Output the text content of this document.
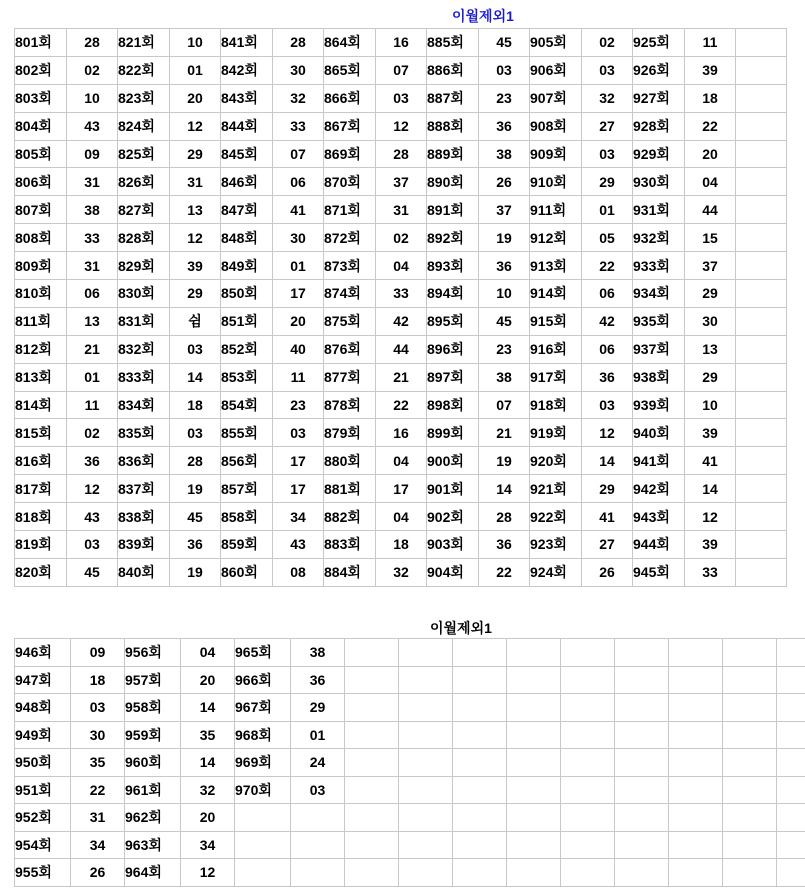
이월제외1
801회	28	821회	10	841회	28	864회	16	885회	45	905회	02	925회	11	
802회	02	822회	01	842회	30	865회	07	886회	03	906회	03	926회	39	
803회	10	823회	20	843회	32	866회	03	887회	23	907회	32	927회	18	
804회	43	824회	12	844회	33	867회	12	888회	36	908회	27	928회	22	
805회	09	825회	29	845회	07	869회	28	889회	38	909회	03	929회	20	
806회	31	826회	31	846회	06	870회	37	890회	26	910회	29	930회	04	
807회	38	827회	13	847회	41	871회	31	891회	37	911회	01	931회	44	
808회	33	828회	12	848회	30	872회	02	892회	19	912회	05	932회	15	
809회	31	829회	39	849회	01	873회	04	893회	36	913회	22	933회	37	
810회	06	830회	29	850회	17	874회	33	894회	10	914회	06	934회	29	
811회	13	831회	쉼	851회	20	875회	42	895회	45	915회	42	935회	30	
812회	21	832회	03	852회	40	876회	44	896회	23	916회	06	937회	13	
813회	01	833회	14	853회	11	877회	21	897회	38	917회	36	938회	29	
814회	11	834회	18	854회	23	878회	22	898회	07	918회	03	939회	10	
815회	02	835회	03	855회	03	879회	16	899회	21	919회	12	940회	39	
816회	36	836회	28	856회	17	880회	04	900회	19	920회	14	941회	41	
817회	12	837회	19	857회	17	881회	17	901회	14	921회	29	942회	14	
818회	43	838회	45	858회	34	882회	04	902회	28	922회	41	943회	12	
819회	03	839회	36	859회	43	883회	18	903회	36	923회	27	944회	39	
820회	45	840회	19	860회	08	884회	32	904회	22	924회	26	945회	33	
이월제외1
946회	09	956회	04	965회	38									
947회	18	957회	20	966회	36									
948회	03	958회	14	967회	29									
949회	30	959회	35	968회	01									
950회	35	960회	14	969회	24									
951회	22	961회	32	970회	03									
952회	31	962회	20											
954회	34	963회	34											
955회	26	964회	12											
